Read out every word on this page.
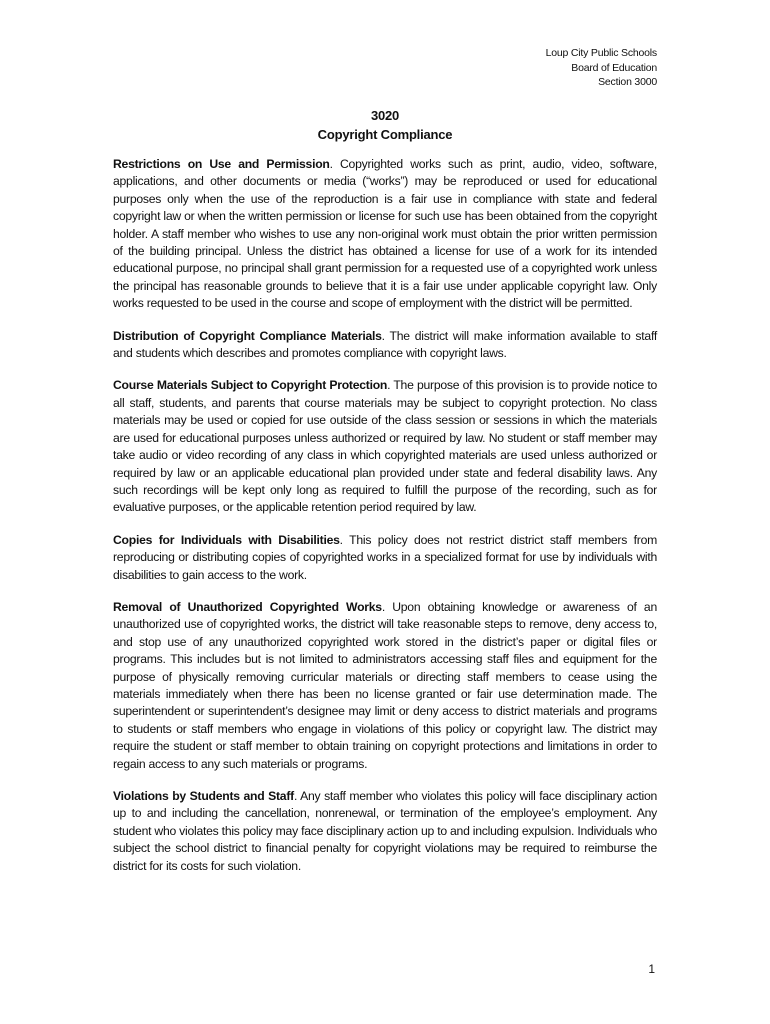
Loup City Public Schools
Board of Education
Section 3000
3020
Copyright Compliance

Restrictions on Use and Permission. Copyrighted works such as print, audio, video, software, applications, and other documents or media (“works”) may be reproduced or used for educational purposes only when the use of the reproduction is a fair use in compliance with state and federal copyright law or when the written permission or license for such use has been obtained from the copyright holder. A staff member who wishes to use any non-original work must obtain the prior written permission of the building principal. Unless the district has obtained a license for use of a work for its intended educational purpose, no principal shall grant permission for a requested use of a copyrighted work unless the principal has reasonable grounds to believe that it is a fair use under applicable copyright law. Only works requested to be used in the course and scope of employment with the district will be permitted.

Distribution of Copyright Compliance Materials. The district will make information available to staff and students which describes and promotes compliance with copyright laws.

Course Materials Subject to Copyright Protection. The purpose of this provision is to provide notice to all staff, students, and parents that course materials may be subject to copyright protection. No class materials may be used or copied for use outside of the class session or sessions in which the materials are used for educational purposes unless authorized or required by law. No student or staff member may take audio or video recording of any class in which copyrighted materials are used unless authorized or required by law or an applicable educational plan provided under state and federal disability laws. Any such recordings will be kept only long as required to fulfill the purpose of the recording, such as for evaluative purposes, or the applicable retention period required by law.

Copies for Individuals with Disabilities. This policy does not restrict district staff members from reproducing or distributing copies of copyrighted works in a specialized format for use by individuals with disabilities to gain access to the work.

Removal of Unauthorized Copyrighted Works. Upon obtaining knowledge or awareness of an unauthorized use of copyrighted works, the district will take reasonable steps to remove, deny access to, and stop use of any unauthorized copyrighted work stored in the district’s paper or digital files or programs. This includes but is not limited to administrators accessing staff files and equipment for the purpose of physically removing curricular materials or directing staff members to cease using the materials immediately when there has been no license granted or fair use determination made. The superintendent or superintendent’s designee may limit or deny access to district materials and programs to students or staff members who engage in violations of this policy or copyright law. The district may require the student or staff member to obtain training on copyright protections and limitations in order to regain access to any such materials or programs.

Violations by Students and Staff. Any staff member who violates this policy will face disciplinary action up to and including the cancellation, nonrenewal, or termination of the employee’s employment. Any student who violates this policy may face disciplinary action up to and including expulsion. Individuals who subject the school district to financial penalty for copyright violations may be required to reimburse the district for its costs for such violation.

1
